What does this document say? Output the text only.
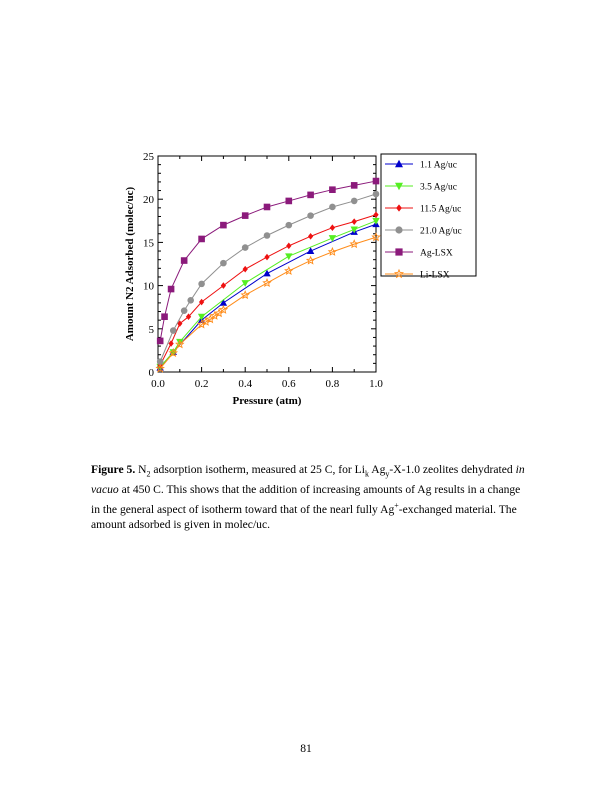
0.0	0.2	0.4	0.6	0.8	1.0
0
5
10
15
20
25
Pressure (atm)
Amount N2 Adsorbed (molec/uc)
1.1 Ag/uc
3.5 Ag/uc
11.5 Ag/uc
21.0 Ag/uc
Ag-LSX
Li-LSX
Figure 5. $N_2$ adsorption isotherm, measured at 25 C, for $Li_k$ $Ag_y-X-1.0$ zeolites dehydrated in vacuo at 450 C. This shows that the addition of increasing amounts of Ag results in a change in the general aspect of isotherm toward that of the nearl fully Ag+-exchanged material. The amount adsorbed is given in molec/uc.
81
